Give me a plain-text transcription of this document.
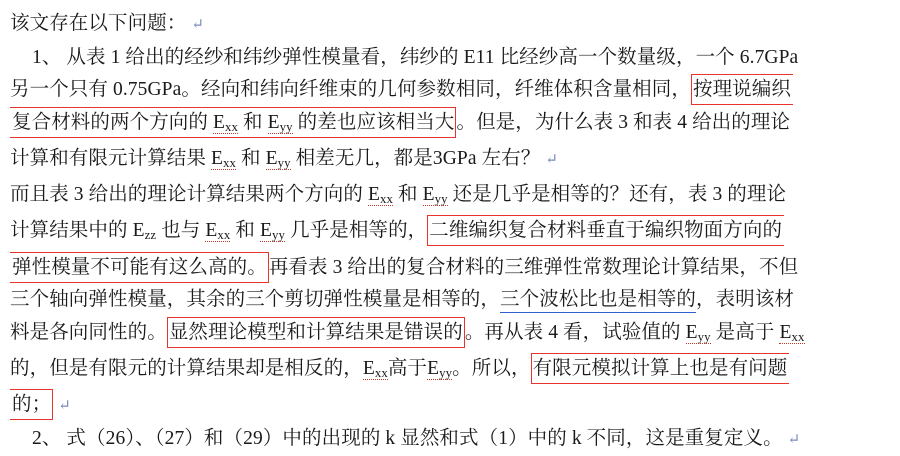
该文存在以下问题： ↵
1、 从表 1 给出的经纱和纬纱弹性模量看，纬纱的 E11 比经纱高一个数量级，一个 6.7GPa
另一个只有 0.75GPa。经向和纬向纤维束的几何参数相同，纤维体积含量相同， 按理说编织
复合材料的两个方向的 $E_{xx}$ 和 $E_{yy}$ 的差也应该相当大 。但是，为什么表 3 和表 4 给出的理论
计算和有限元计算结果 $E_{xx}$ 和 $E_{yy}$ 相差无几，都是3GPa 左右？ ↵
而且表 3 给出的理论计算结果两个方向的 $E_{xx}$ 和 $E_{yy}$ 还是几乎是相等的？还有，表 3 的理论
计算结果中的 $E_{zz}$ 也与 $E_{xx}$ 和 $E_{yy}$ 几乎是相等的， 二维编织复合材料垂直于编织物面方向的
弹性模量不可能有这么高的。 再看表 3 给出的复合材料的三维弹性常数理论计算结果，不但
三个轴向弹性模量，其余的三个剪切弹性模量是相等的，三个波松比也是相等的，表明该材
料是各向同性的。 显然理论模型和计算结果是错误的 。再从表 4 看，试验值的 $E_{yy}$ 是高于 $E_{xx}$
的，但是有限元的计算结果却是相反的，$E_{xx}$高于$E_{yy}$。所以， 有限元模拟计算上也是有问题
的； ↵
2、 式（26）、（27）和（29）中的出现的 k 显然和式（1）中的 k 不同，这是重复定义。 ↵
